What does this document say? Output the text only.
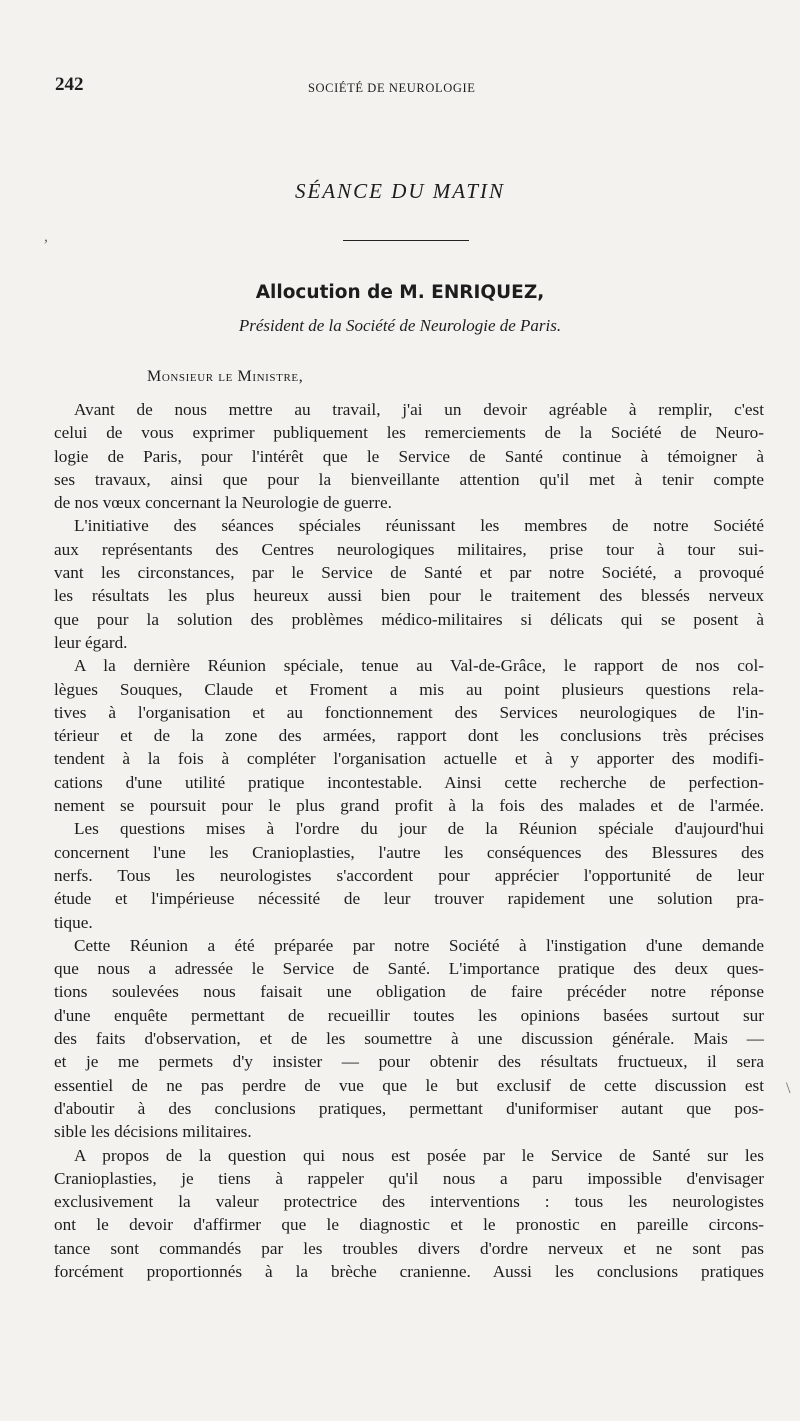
242	SOCIÉTÉ DE NEUROLOGIE
SÉANCE DU MATIN
Allocution de M. ENRIQUEZ,
Président de la Société de Neurologie de Paris.
Monsieur le Ministre,
,
\
Avant de nous mettre au travail, j'ai un devoir agréable à remplir, c'est
celui de vous exprimer publiquement les remerciements de la Société de Neuro-
logie de Paris, pour l'intérêt que le Service de Santé continue à témoigner à
ses travaux, ainsi que pour la bienveillante attention qu'il met à tenir compte
de nos vœux concernant la Neurologie de guerre.
L'initiative des séances spéciales réunissant les membres de notre Société
aux représentants des Centres neurologiques militaires, prise tour à tour sui-
vant les circonstances, par le Service de Santé et par notre Société, a provoqué
les résultats les plus heureux aussi bien pour le traitement des blessés nerveux
que pour la solution des problèmes médico-militaires si délicats qui se posent à
leur égard.
A la dernière Réunion spéciale, tenue au Val-de-Grâce, le rapport de nos col-
lègues Souques, Claude et Froment a mis au point plusieurs questions rela-
tives à l'organisation et au fonctionnement des Services neurologiques de l'in-
térieur et de la zone des armées, rapport dont les conclusions très précises
tendent à la fois à compléter l'organisation actuelle et à y apporter des modifi-
cations d'une utilité pratique incontestable. Ainsi cette recherche de perfection-
nement se poursuit pour le plus grand profit à la fois des malades et de l'armée.
Les questions mises à l'ordre du jour de la Réunion spéciale d'aujourd'hui
concernent l'une les Cranioplasties, l'autre les conséquences des Blessures des
nerfs. Tous les neurologistes s'accordent pour apprécier l'opportunité de leur
étude et l'impérieuse nécessité de leur trouver rapidement une solution pra-
tique.
Cette Réunion a été préparée par notre Société à l'instigation d'une demande
que nous a adressée le Service de Santé. L'importance pratique des deux ques-
tions soulevées nous faisait une obligation de faire précéder notre réponse
d'une enquête permettant de recueillir toutes les opinions basées surtout sur
des faits d'observation, et de les soumettre à une discussion générale. Mais —
et je me permets d'y insister — pour obtenir des résultats fructueux, il sera
essentiel de ne pas perdre de vue que le but exclusif de cette discussion est
d'aboutir à des conclusions pratiques, permettant d'uniformiser autant que pos-
sible les décisions militaires.
A propos de la question qui nous est posée par le Service de Santé sur les
Cranioplasties, je tiens à rappeler qu'il nous a paru impossible d'envisager
exclusivement la valeur protectrice des interventions : tous les neurologistes
ont le devoir d'affirmer que le diagnostic et le pronostic en pareille circons-
tance sont commandés par les troubles divers d'ordre nerveux et ne sont pas
forcément proportionnés à la brèche cranienne. Aussi les conclusions pratiques
